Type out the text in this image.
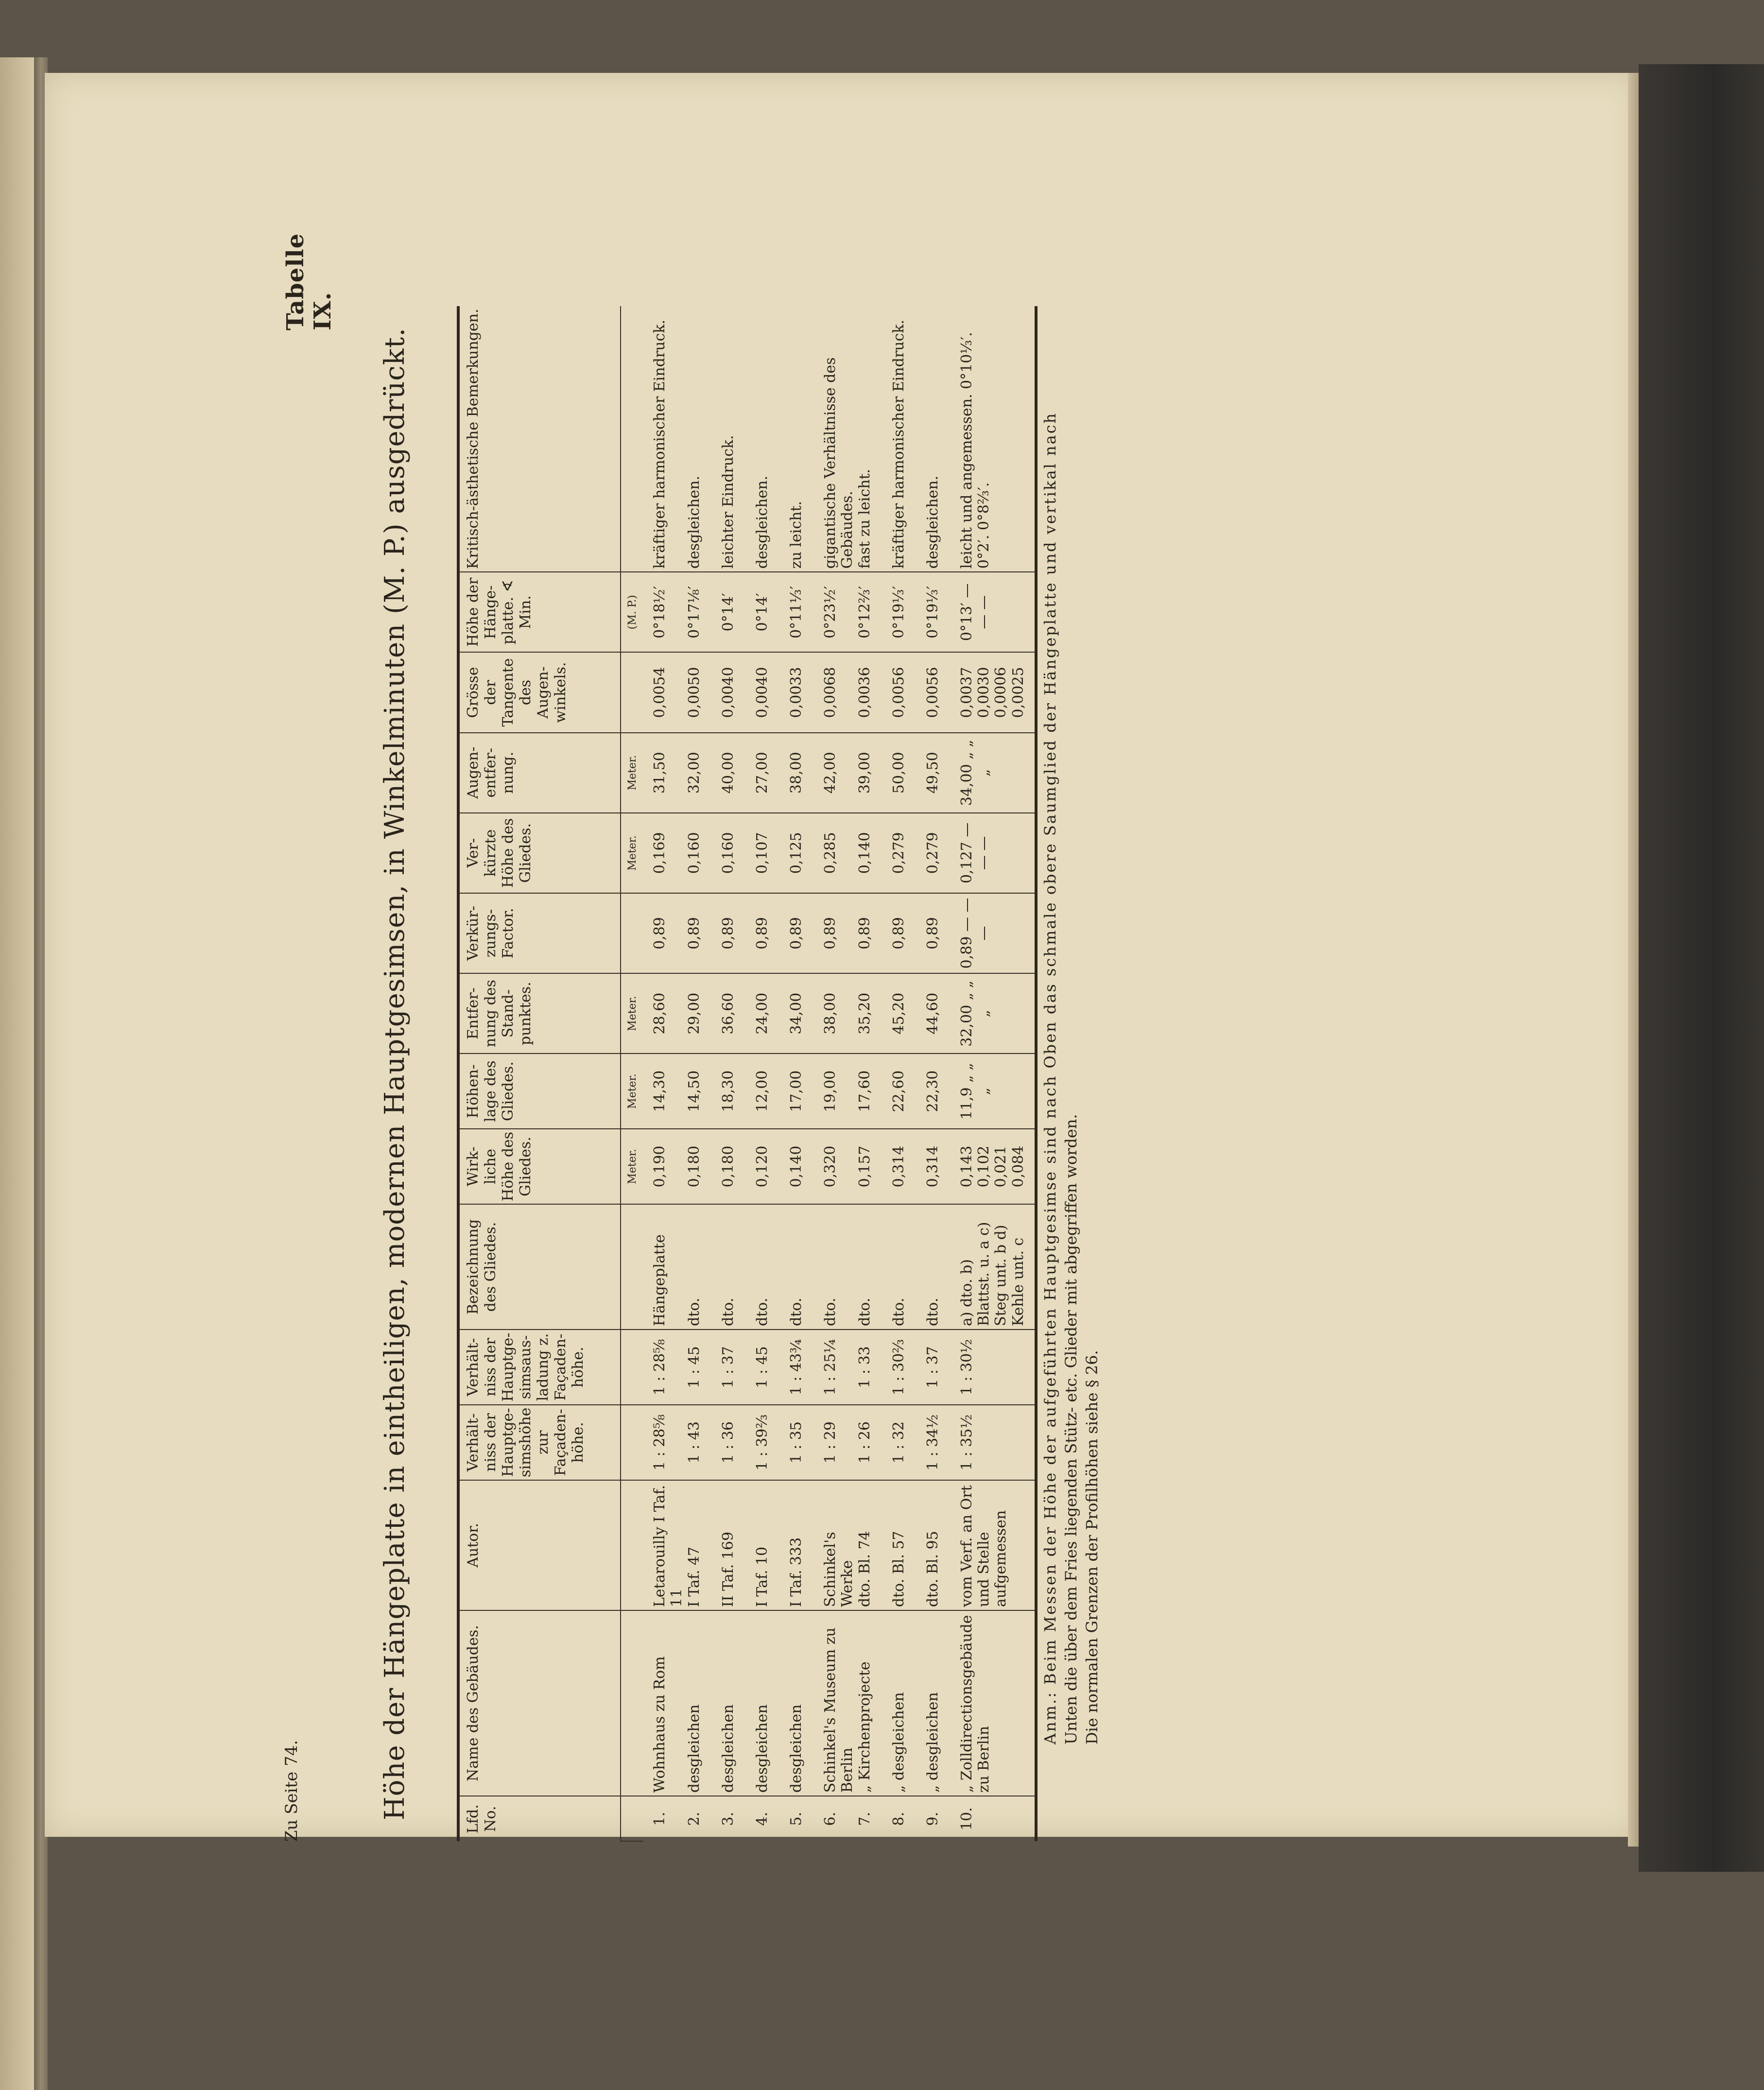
Zu Seite 74.
Tabelle IX.
Höhe der Hängeplatte in eintheiligen, modernen Hauptgesimsen, in Winkelminuten (M. P.) ausgedrückt.	Lfd. No.	Name des Gebäudes.	Autor.	Verhält-niss der Hauptge-simshöhe zur Façaden-höhe.	Verhält-niss der Hauptge-simsaus-ladung z. Façaden-höhe.	Bezeichnung des Gliedes.	Wirk-liche Höhe des Gliedes.	Höhen-lage des Gliedes.	Entfer-nung des Stand-punktes.	Verkür-zungs-Factor.	Ver-kürzte Höhe des Gliedes.	Augen-entfer-nung.	Grösse der Tangente des Augen-winkels.	Höhe der Hänge-platte. ∢ Min.	Kritisch-ästhetische Bemerkungen.
						Meter.	Meter.	Meter.		Meter.	Meter.		(M. P.)	
1.	Wohnhaus zu Rom	Letarouilly I Taf. 11	1 : 28⅝	1 : 28⅝	Hängeplatte	0,190	14,30	28,60	0,89	0,169	31,50	0,0054	0°18½′	kräftiger harmonischer Eindruck.
2.	desgleichen	I Taf. 47	1 : 43	1 : 45	dto.	0,180	14,50	29,00	0,89	0,160	32,00	0,0050	0°17⅛′	desgleichen.
3.	desgleichen	II Taf. 169	1 : 36	1 : 37	dto.	0,180	18,30	36,60	0,89	0,160	40,00	0,0040	0°14′	leichter Eindruck.
4.	desgleichen	I Taf. 10	1 : 39⅔	1 : 45	dto.	0,120	12,00	24,00	0,89	0,107	27,00	0,0040	0°14′	desgleichen.
5.	desgleichen	I Taf. 333	1 : 35	1 : 43¾	dto.	0,140	17,00	34,00	0,89	0,125	38,00	0,0033	0°11⅓′	zu leicht.
6.	Schinkel's Museum zu Berlin	Schinkel's Werke	1 : 29	1 : 25¼	dto.	0,320	19,00	38,00	0,89	0,285	42,00	0,0068	0°23½′	gigantische Verhältnisse des Gebäudes.
7.	„ Kirchenprojecte	dto. Bl. 74	1 : 26	1 : 33	dto.	0,157	17,60	35,20	0,89	0,140	39,00	0,0036	0°12⅔′	fast zu leicht.
8.	„ desgleichen	dto. Bl. 57	1 : 32	1 : 30⅔	dto.	0,314	22,60	45,20	0,89	0,279	50,00	0,0056	0°19⅓′	kräftiger harmonischer Eindruck.
9.	„ desgleichen	dto. Bl. 95	1 : 34½	1 : 37	dto.	0,314	22,30	44,60	0,89	0,279	49,50	0,0056	0°19⅓′	desgleichen.
10.	„ Zolldirectionsgebäude zu Berlin	vom Verf. an Ort und Stelle aufgemessen	1 : 35½	1 : 30½	a) dto. b) Blattst. u. a c) Steg unt. b d) Kehle unt. c	0,143 0,102 0,021 0,084	11,9 „ „ „	32,00 „ „ „	0,89 — — —	0,127 — — —	34,00 „ „ „	0,0037 0,0030 0,0006 0,0025	0°13′ — — —	leicht und angemessen. 0°10⅓′. 0°2′. 0°8⅔′.	Anm.: Beim Messen der Höhe der aufgeführten Hauptgesimse sind nach Oben das schmale obere Saumglied der Hängeplatte und vertikal nach Unten die über dem Fries liegenden Stütz- etc. Glieder mit abgegriffen worden. Die normalen Grenzen der Profilhöhen siehe § 26.
